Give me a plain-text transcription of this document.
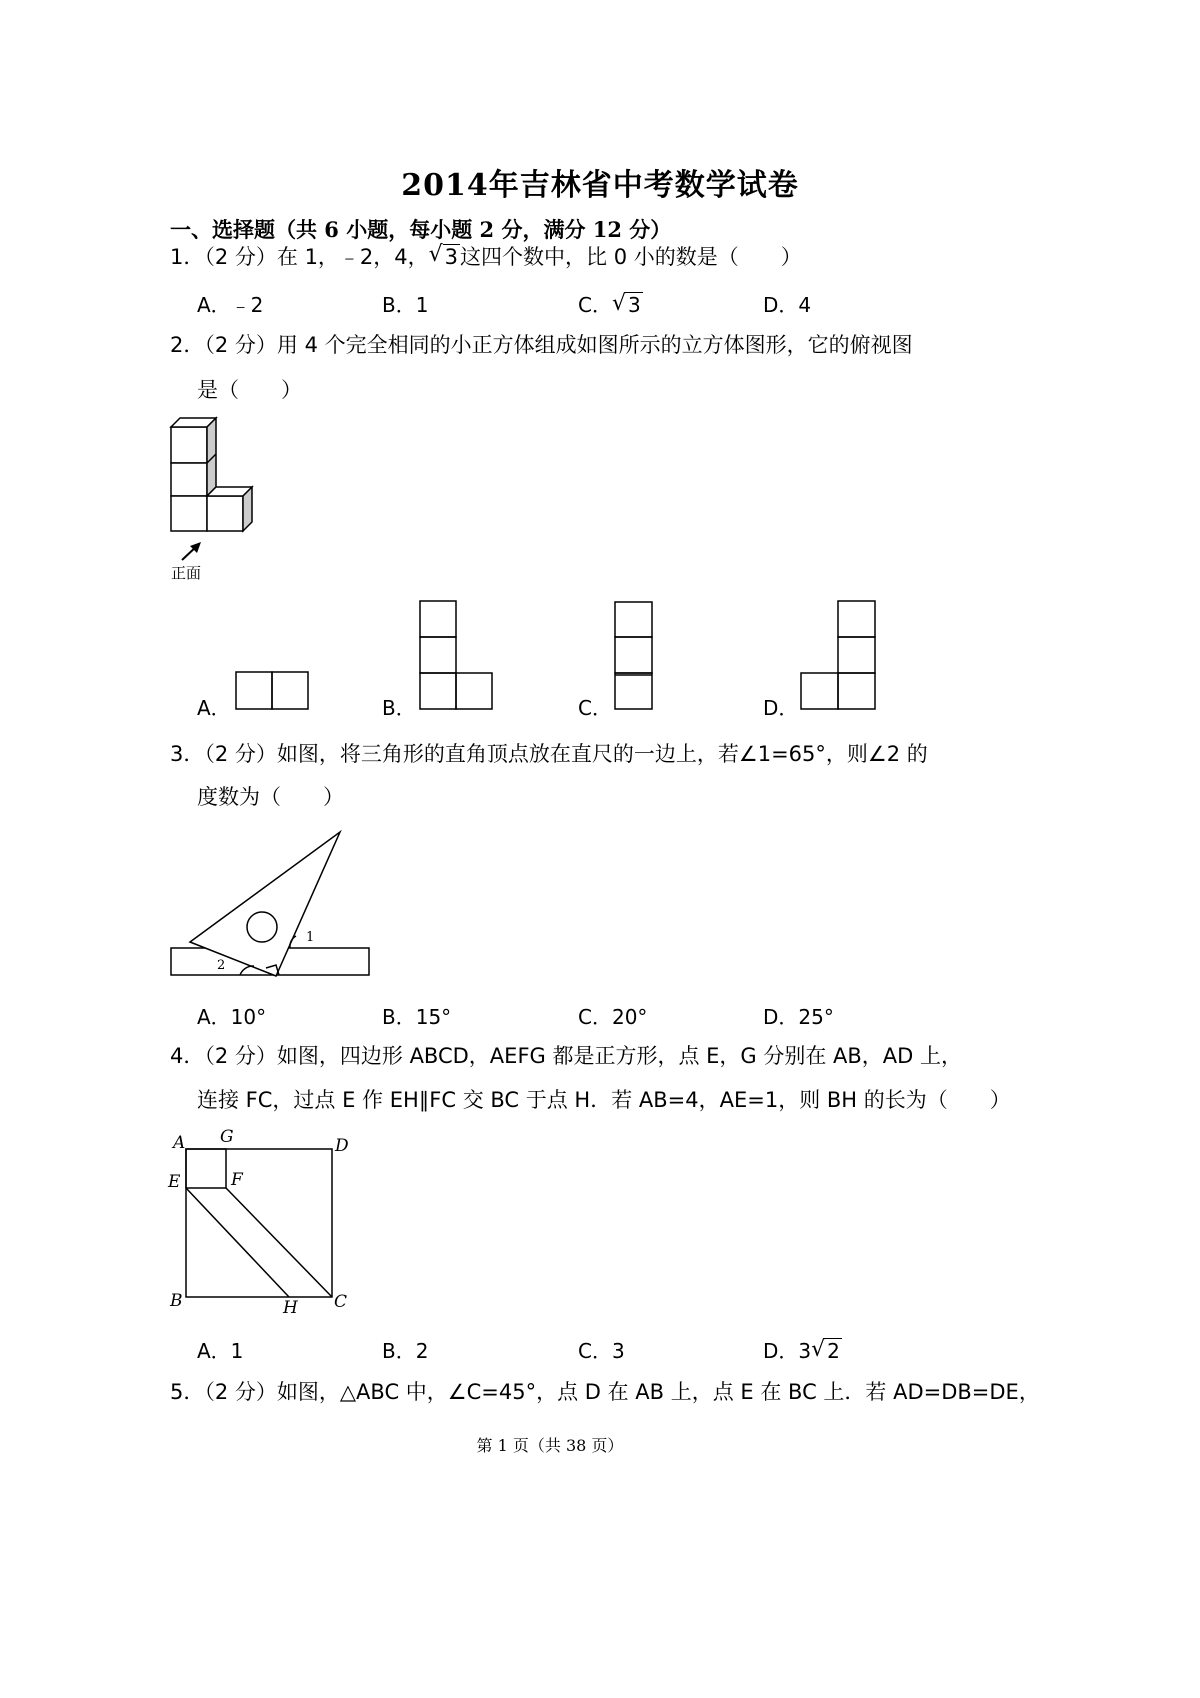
2014年吉林省中考数学试卷
一、选择题（共 6 小题，每小题 2 分，满分 12 分）
1．（2 分）在 1，﹣2，4， √ 3这四个数中，比 0 小的数是（　　）
A．﹣2	B．1	C． √ 3	D．4
2．（2 分）用 4 个完全相同的小正方体组成如图所示的立方体图形，它的俯视图
是（　　）
正面
A．	B．	C．	D．
3．（2 分）如图，将三角形的直角顶点放在直尺的一边上，若∠1=65°，则∠2 的
度数为（　　）
1
2
A．10°	B．15°	C．20°	D．25°
4．（2 分）如图，四边形 ABCD，AEFG 都是正方形，点 E，G 分别在 AB，AD 上，
连接 FC，过点 E 作 EH∥FC 交 BC 于点 H．若 AB=4，AE=1，则 BH 的长为（　　）
A G	D
E	F
B	H C
A．1	B．2	C．3	D．3 √ 2
5．（2 分）如图，△ABC 中，∠C=45°，点 D 在 AB 上，点 E 在 BC 上．若 AD=DB=DE，
第 1 页（共 38 页）
